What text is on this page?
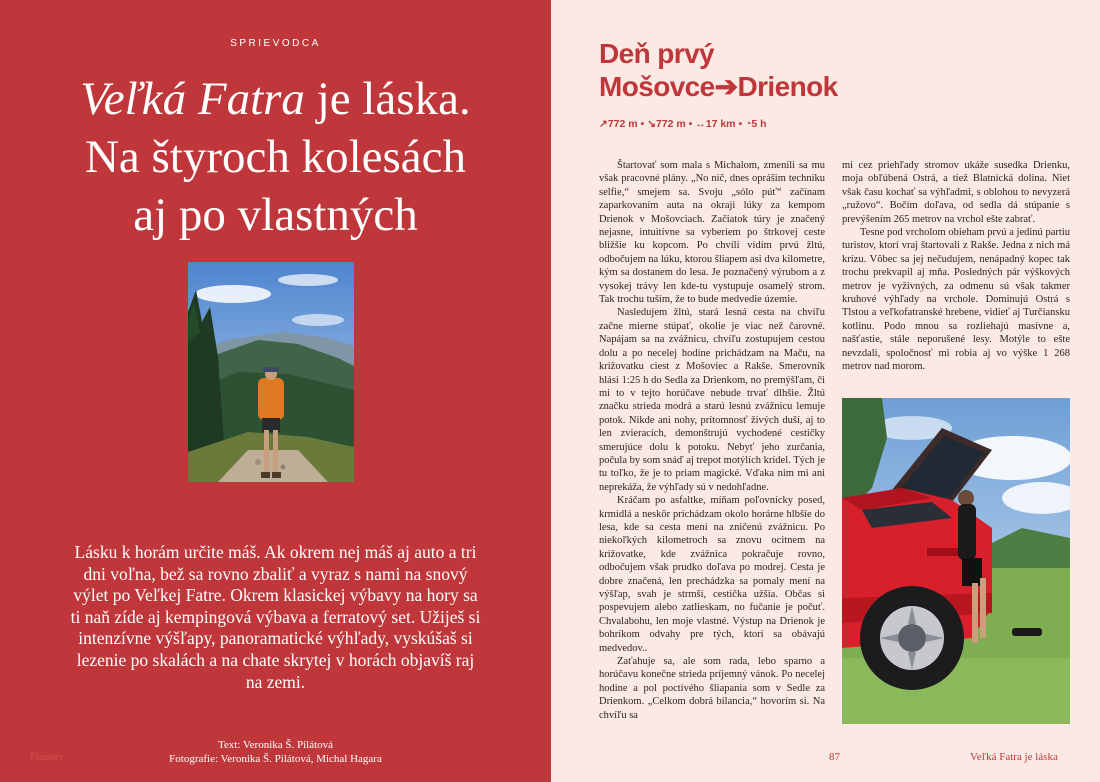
SPRIEVODCA
Veľká Fatra je láska.
Na štyroch kolesách
aj po vlastných
Lásku k horám určite máš. Ak okrem nej máš aj auto a tri dni voľna, bež sa rovno zbaliť a vyraz s nami na snový výlet po Veľkej Fatre. Okrem klasickej výbavy na hory sa ti naň zíde aj kempingová výbava a ferratový set. Užiješ si intenzívne výšľapy, panoramatické výhľady, vyskúšaš si lezenie po skalách a na chate skrytej v horách objavíš raj na zemi.
Text: Veronika Š. Pilátová
Fotografie: Veronika Š. Pilátová, Michal Hagara
Planner
Deň prvý
Mošovce➔Drienok
↗772 m • ↘772 m • ↔17 km • ◔5 h

Štartovať som mala s Michalom, zmenili sa mu však pracovné plány. „No nič, dnes oprášim techniku selfie,“ smejem sa. Svoju „sólo púť“ začínam zaparkovaním auta na okraji lúky za kempom Drienok v Mošovciach. Začiatok túry je značený nejasne, intuitívne sa vyberiem po štrkovej ceste bližšie ku kopcom. Po chvíli vidím prvú žltú, odbočujem na lúku, ktorou šliapem asi dva kilometre, kým sa dostanem do lesa. Je poznačený výrubom a z vysokej trávy len kde-tu vystupuje osamelý strom. Tak trochu tuším, že to bude medvedie územie.

Nasledujem žltú, stará lesná cesta na chvíľu začne mierne stúpať, okolie je viac než čarovné. Napájam sa na zvážnicu, chvíľu zostupujem cestou dolu a po necelej hodine prichádzam na Maču, na križovatku ciest z Mošoviec a Rakše. Smerovník hlási 1:25 h do Sedla za Drienkom, no premýšľam, či mi to v tejto horúčave nebude trvať dlhšie. Žltú značku strieda modrá a starú lesnú zvážnicu lemuje potok. Nikde ani nohy, prítomnosť živých duší, aj to len zvieracích, demonštrujú vychodené cestičky smerujúce dolu k potoku. Nebyť jeho zurčania, počula by som snáď aj trepot motýlích krídel. Tých je tu toľko, že je to priam magické. Vďaka nim mi ani neprekáža, že výhľady sú v nedohľadne.

Kráčam po asfaltke, míňam poľovnícky posed, krmidlá a neskôr prichádzam okolo horárne hlbšie do lesa, kde sa cesta mení na zničenú zvážnicu. Po niekoľkých kilometroch sa znovu ocitnem na križovatke, kde zvážnica pokračuje rovno, odbočujem však prudko doľava po modrej. Cesta je dobre značená, len prechádzka sa pomaly mení na výšľap, svah je strmší, cestička užšia. Občas si pospevujem alebo zatlieskam, no fučanie je počuť. Chvalabohu, len moje vlastné. Výstup na Drienok je bohríkom odvahy pre tých, ktorí sa obávajú medvedov..

Zaťahuje sa, ale som rada, lebo sparno a horúčavu konečne strieda príjemný vánok. Po necelej hodine a pol poctivého šliapania som v Sedle za Drienkom. „Celkom dobrá bilancia,“ hovorím si. Na chvíľu sa

mi cez priehľady stromov ukáže susedka Drienku, moja obľúbená Ostrá, a tiež Blatnická dolina. Niet však času kochať sa výhľadmi, s oblohou to nevyzerá „ružovo“. Bočím doľava, od sedla dá stúpanie s prevýšením 265 metrov na vrchol ešte zabrať.

Tesne pod vrcholom obieham prvú a jedinú partiu turistov, ktorí vraj štartovali z Rakše. Jedna z nich má krízu. Vôbec sa jej nečudujem, nenápadný kopec tak trochu prekvapil aj mňa. Posledných pár výškových metrov je vyživných, za odmenu sú však takmer kruhové výhľady na vrchole. Dominujú Ostrá s Tlstou a veľkofatranské hrebene, vidieť aj Turčiansku kotlinu. Podo mnou sa rozliehajú masívne a, našťastie, stále neporušené lesy. Motýle to ešte nevzdali, spoločnosť mi robia aj vo výške 1 268 metrov nad morom.

87	Veľká Fatra je láska
